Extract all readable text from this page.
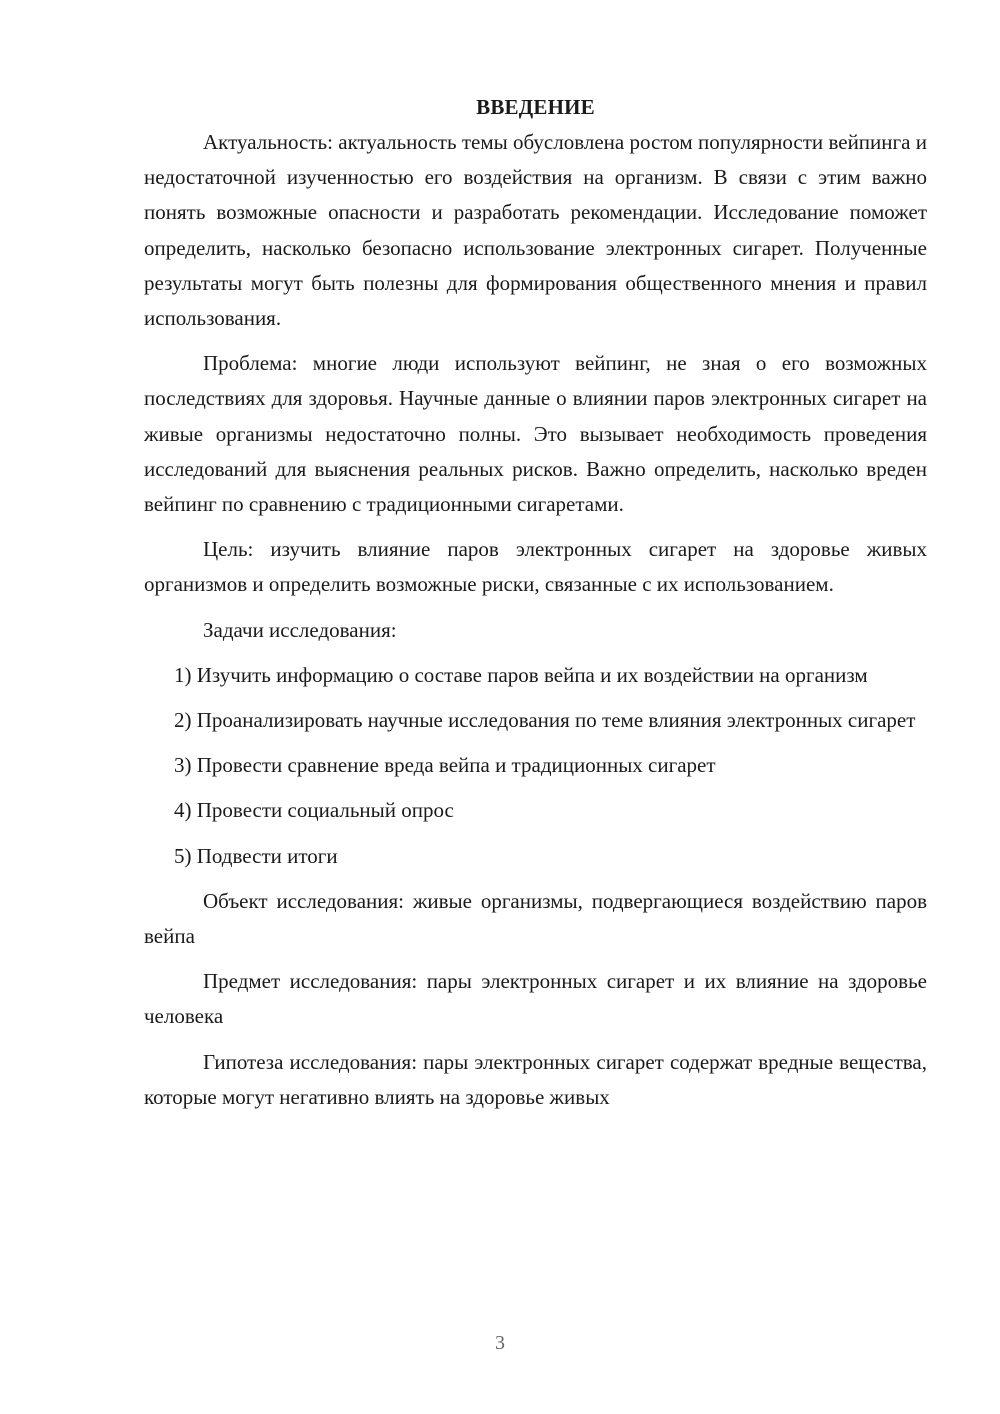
ВВЕДЕНИЕ

Актуальность: актуальность темы обусловлена ростом популярности вейпинга и недостаточной изученностью его воздействия на организм. В связи с этим важно понять возможные опасности и разработать рекомендации. Исследование поможет определить, насколько безопасно использование электронных сигарет. Полученные результаты могут быть полезны для формирования общественного мнения и правил использования.

Проблема: многие люди используют вейпинг, не зная о его возможных последствиях для здоровья. Научные данные о влиянии паров электронных сигарет на живые организмы недостаточно полны. Это вызывает необходимость проведения исследований для выяснения реальных рисков. Важно определить, насколько вреден вейпинг по сравнению с традиционными сигаретами.

Цель: изучить влияние паров электронных сигарет на здоровье живых организмов и определить возможные риски, связанные с их использованием.

Задачи исследования:

1) Изучить информацию о составе паров вейпа и их воздействии на организм

2) Проанализировать научные исследования по теме влияния электронных сигарет

3) Провести сравнение вреда вейпа и традиционных сигарет

4) Провести социальный опрос

5) Подвести итоги

Объект исследования: живые организмы, подвергающиеся воздействию паров вейпа

Предмет исследования: пары электронных сигарет и их влияние на здоровье человека

Гипотеза исследования: пары электронных сигарет содержат вредные вещества, которые могут негативно влиять на здоровье живых

3
